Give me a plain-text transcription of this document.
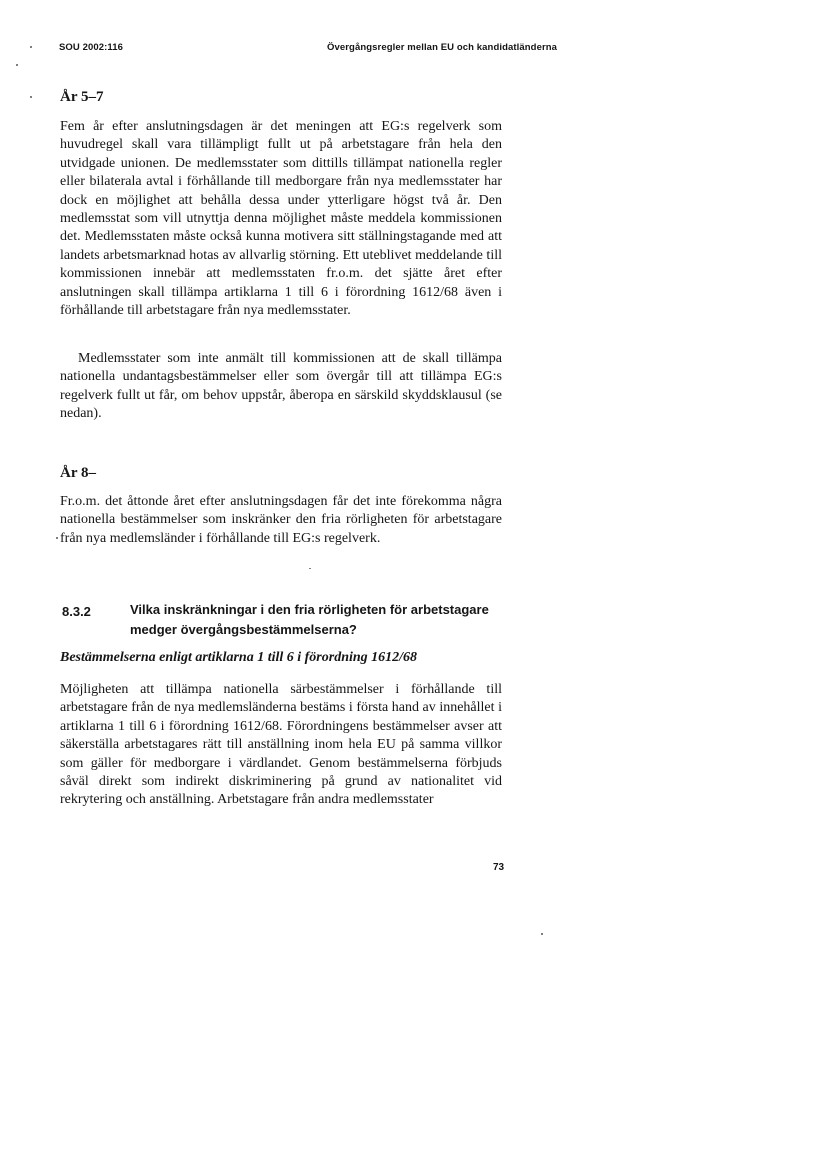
SOU 2002:116	Övergångsregler mellan EU och kandidatländerna
År 5–7

Fem år efter anslutningsdagen är det meningen att EG:s regelverk som huvudregel skall vara tillämpligt fullt ut på arbetstagare från hela den utvidgade unionen. De medlemsstater som dittills tillämpat nationella regler eller bilaterala avtal i förhållande till medborgare från nya medlemsstater har dock en möjlighet att behålla dessa under ytterligare högst två år. Den medlemsstat som vill utnyttja denna möjlighet måste meddela kommissionen det. Medlemsstaten måste också kunna motivera sitt ställningstagande med att landets arbetsmarknad hotas av allvarlig störning. Ett uteblivet meddelande till kommissionen innebär att medlemsstaten fr.o.m. det sjätte året efter anslutningen skall tillämpa artiklarna 1 till 6 i förordning 1612/68 även i förhållande till arbetstagare från nya medlemsstater.

Medlemsstater som inte anmält till kommissionen att de skall tillämpa nationella undantagsbestämmelser eller som övergår till att tillämpa EG:s regelverk fullt ut får, om behov uppstår, åberopa en särskild skyddsklausul (se nedan).

År 8–

Fr.o.m. det åttonde året efter anslutningsdagen får det inte förekomma några nationella bestämmelser som inskränker den fria rörligheten för arbetstagare från nya medlemsländer i förhållande till EG:s regelverk.

8.3.2	Vilka inskränkningar i den fria rörligheten för arbetstagare medger övergångsbestämmelserna?
Bestämmelserna enligt artiklarna 1 till 6 i förordning 1612/68

Möjligheten att tillämpa nationella särbestämmelser i förhållande till arbetstagare från de nya medlemsländerna bestäms i första hand av innehållet i artiklarna 1 till 6 i förordning 1612/68. Förordningens bestämmelser avser att säkerställa arbetstagares rätt till anställning inom hela EU på samma villkor som gäller för medborgare i värdlandet. Genom bestämmelserna förbjuds såväl direkt som indirekt diskriminering på grund av nationalitet vid rekrytering och anställning. Arbetstagare från andra medlemsstater

73
